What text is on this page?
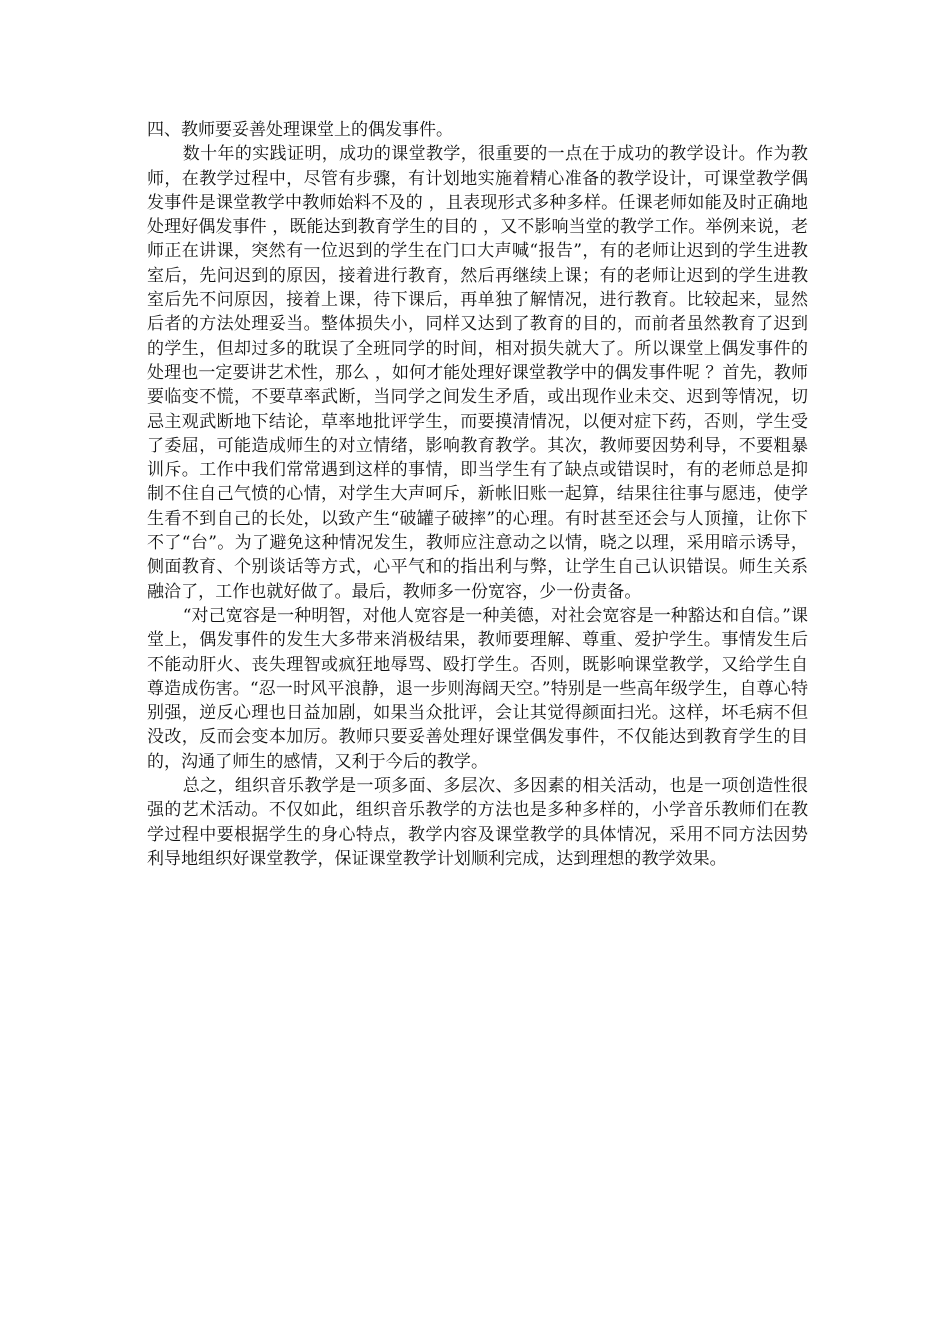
四、教师要妥善处理课堂上的偶发事件。

数十年的实践证明，成功的课堂教学，很重要的一点在于成功的教学设计。作为教师，在教学过程中，尽管有步骤，有计划地实施着精心准备的教学设计，可课堂教学偶发事件是课堂教学中教师始料不及的 ，且表现形式多种多样。任课老师如能及时正确地处理好偶发事件 ，既能达到教育学生的目的 ，又不影响当堂的教学工作。举例来说，老师正在讲课，突然有一位迟到的学生在门口大声喊“报告”，有的老师让迟到的学生进教室后，先问迟到的原因，接着进行教育，然后再继续上课；有的老师让迟到的学生进教室后先不问原因，接着上课，待下课后，再单独了解情况，进行教育。比较起来，显然后者的方法处理妥当。整体损失小，同样又达到了教育的目的，而前者虽然教育了迟到的学生，但却过多的耽误了全班同学的时间，相对损失就大了。所以课堂上偶发事件的处理也一定要讲艺术性，那么 ，如何才能处理好课堂教学中的偶发事件呢 ？首先，教师要临变不慌，不要草率武断，当同学之间发生矛盾，或出现作业未交、迟到等情况，切忌主观武断地下结论，草率地批评学生，而要摸清情况，以便对症下药，否则，学生受了委屈，可能造成师生的对立情绪，影响教育教学。其次，教师要因势利导，不要粗暴训斥。工作中我们常常遇到这样的事情，即当学生有了缺点或错误时，有的老师总是抑制不住自己气愤的心情，对学生大声呵斥，新帐旧账一起算，结果往往事与愿违，使学生看不到自己的长处，以致产生“破罐子破摔”的心理。有时甚至还会与人顶撞，让你下不了“台”。为了避免这种情况发生，教师应注意动之以情，晓之以理，采用暗示诱导，侧面教育、个别谈话等方式，心平气和的指出利与弊，让学生自己认识错误。师生关系融洽了，工作也就好做了。最后，教师多一份宽容，少一份责备。

“对己宽容是一种明智，对他人宽容是一种美德，对社会宽容是一种豁达和自信。”课堂上，偶发事件的发生大多带来消极结果，教师要理解、尊重、爱护学生。事情发生后不能动肝火、丧失理智或疯狂地辱骂、殴打学生。否则，既影响课堂教学，又给学生自尊造成伤害。“忍一时风平浪静，退一步则海阔天空。”特别是一些高年级学生，自尊心特别强，逆反心理也日益加剧，如果当众批评，会让其觉得颜面扫光。这样，坏毛病不但没改，反而会变本加厉。教师只要妥善处理好课堂偶发事件，不仅能达到教育学生的目的，沟通了师生的感情，又利于今后的教学。

总之，组织音乐教学是一项多面、多层次、多因素的相关活动，也是一项创造性很强的艺术活动。不仅如此，组织音乐教学的方法也是多种多样的，小学音乐教师们在教学过程中要根据学生的身心特点，教学内容及课堂教学的具体情况，采用不同方法因势利导地组织好课堂教学，保证课堂教学计划顺利完成，达到理想的教学效果。
